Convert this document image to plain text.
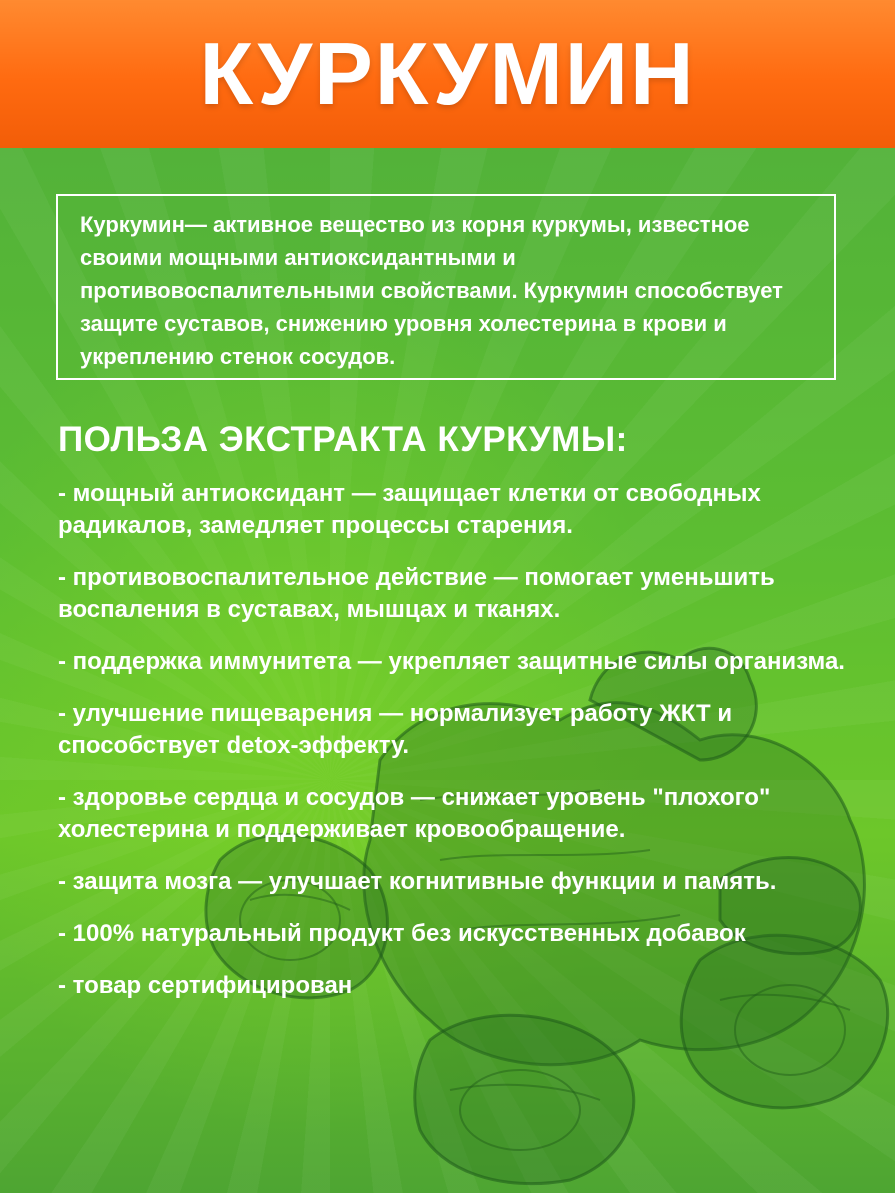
КУРКУМИН
Куркумин— активное вещество из корня куркумы, известное своими мощными антиоксидантными и противовоспалительными свойствами. Куркумин способствует защите суставов, снижению уровня холестерина в крови и укреплению стенок сосудов.
ПОЛЬЗА ЭКСТРАКТА КУРКУМЫ:
- мощный антиоксидант — защищает клетки от свободных радикалов, замедляет процессы старения.
- противовоспалительное действие — помогает уменьшить воспаления в суставах, мышцах и тканях.
- поддержка иммунитета — укрепляет защитные силы организма.
- улучшение пищеварения — нормализует работу ЖКТ и способствует detox-эффекту.
- здоровье сердца и сосудов — снижает уровень "плохого" холестерина и поддерживает кровообращение.
- защита мозга — улучшает когнитивные функции и память.
- 100% натуральный продукт без искусственных добавок
- товар сертифицирован
